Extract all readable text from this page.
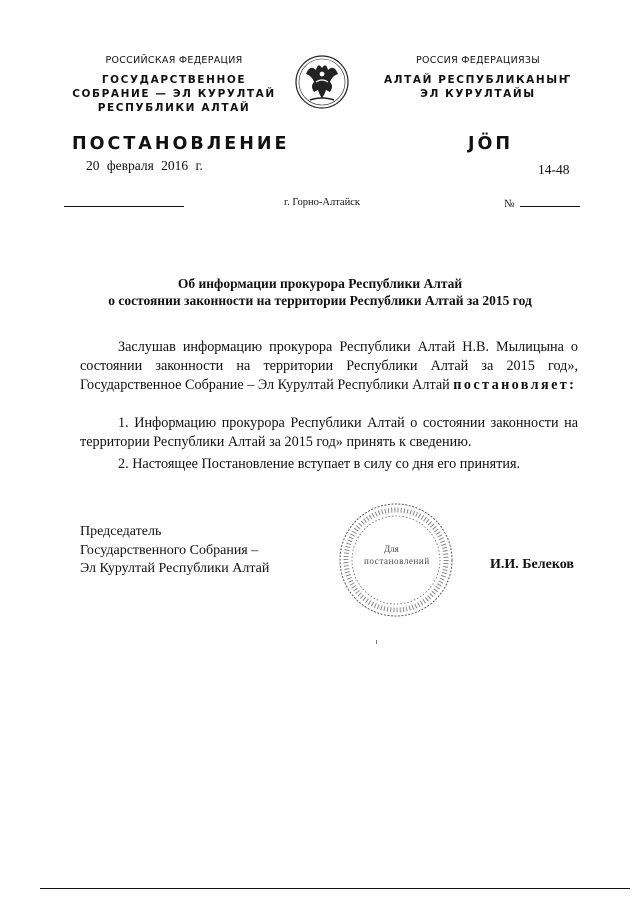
РОССИЙСКАЯ ФЕДЕРАЦИЯ
ГОСУДАРСТВЕННОЕ
СОБРАНИЕ — ЭЛ КУРУЛТАЙ
РЕСПУБЛИКИ АЛТАЙ
РОССИЯ ФЕДЕРАЦИЯЗЫ
АЛТАЙ РЕСПУБЛИКАНЫҤ
ЭЛ КУРУЛТАЙЫ
ПОСТАНОВЛЕНИЕ	JÖП
20 февраля 2016 г.	14-48
г. Горно-Алтайск	№
Об информации прокурора Республики Алтай
о состоянии законности на территории Республики Алтай за 2015 год
Заслушав информацию прокурора Республики Алтай Н.В. Мылицына о состоянии законности на территории Республики Алтай за 2015 год», Государственное Собрание – Эл Курултай Республики Алтай постановляет:
1. Информацию прокурора Республики Алтай о состоянии законности на территории Республики Алтай за 2015 год» принять к сведению.
2. Настоящее Постановление вступает в силу со дня его принятия.
Председатель
Государственного Собрания –
Эл Курултай Республики Алтай
Для
постановлений	И.И. Белеков
